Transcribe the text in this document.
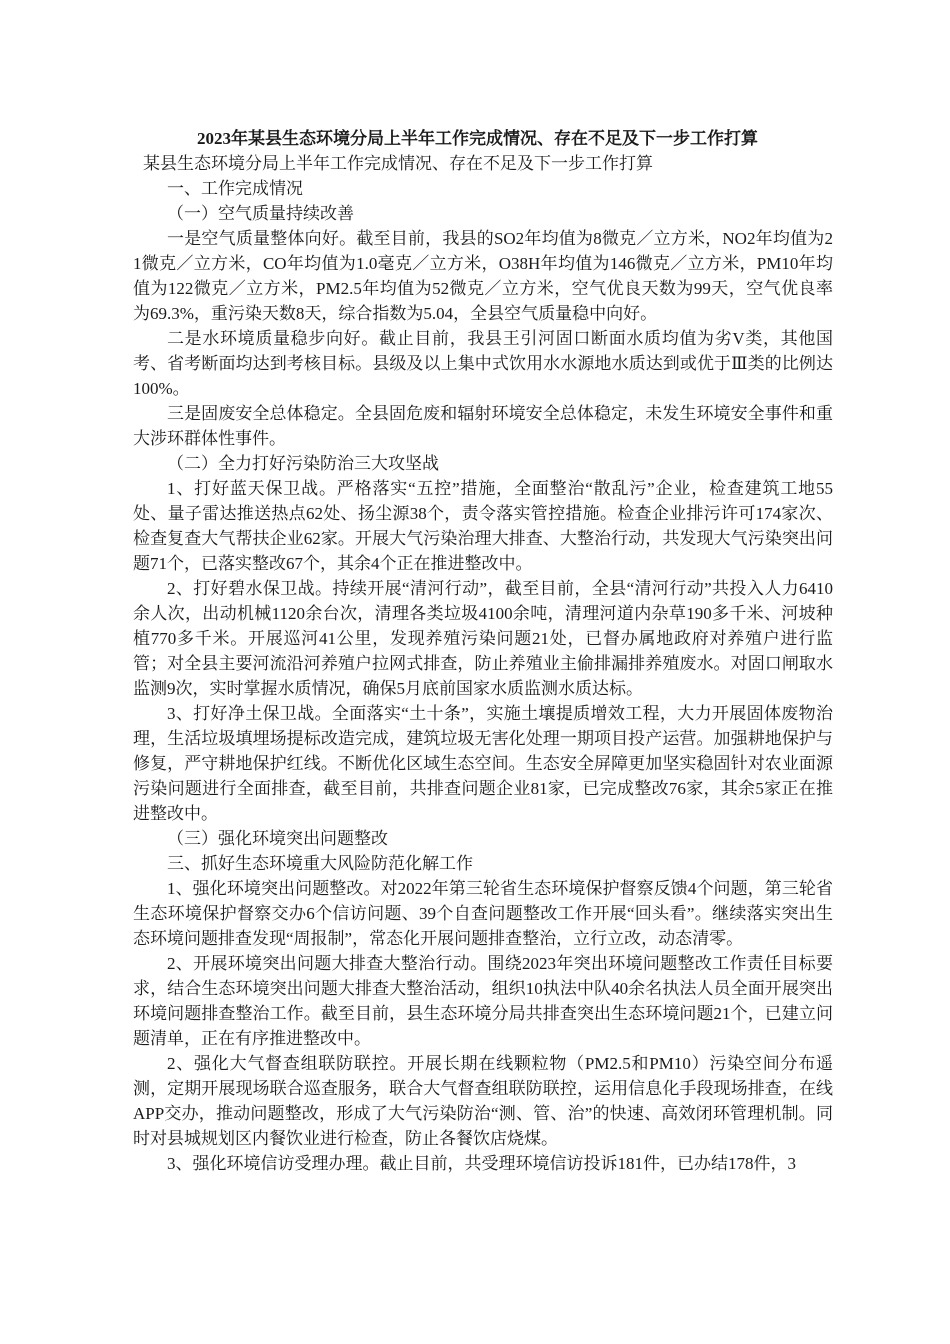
2023年某县生态环境分局上半年工作完成情况、存在不足及下一步工作打算

某县生态环境分局上半年工作完成情况、存在不足及下一步工作打算

一、工作完成情况

（一）空气质量持续改善

一是空气质量整体向好。截至目前，我县的SO2年均值为8微克／立方米，NO2年均值为21微克／立方米，CO年均值为1.0毫克／立方米，O38H年均值为146微克／立方米，PM10年均值为122微克／立方米，PM2.5年均值为52微克／立方米，空气优良天数为99天，空气优良率为69.3%，重污染天数8天，综合指数为5.04，全县空气质量稳中向好。

二是水环境质量稳步向好。截止目前，我县王引河固口断面水质均值为劣V类，其他国考、省考断面均达到考核目标。县级及以上集中式饮用水水源地水质达到或优于Ⅲ类的比例达100%。

三是固废安全总体稳定。全县固危废和辐射环境安全总体稳定，未发生环境安全事件和重大涉环群体性事件。

（二）全力打好污染防治三大攻坚战

1、打好蓝天保卫战。严格落实“五控”措施，全面整治“散乱污”企业，检查建筑工地55处、量子雷达推送热点62处、扬尘源38个，责令落实管控措施。检查企业排污许可174家次、检查复查大气帮扶企业62家。开展大气污染治理大排查、大整治行动，共发现大气污染突出问题71个，已落实整改67个，其余4个正在推进整改中。

2、打好碧水保卫战。持续开展“清河行动”，截至目前，全县“清河行动”共投入人力6410余人次，出动机械1120余台次，清理各类垃圾4100余吨，清理河道内杂草190多千米、河坡种植770多千米。开展巡河41公里，发现养殖污染问题21处，已督办属地政府对养殖户进行监管；对全县主要河流沿河养殖户拉网式排查，防止养殖业主偷排漏排养殖废水。对固口闸取水监测9次，实时掌握水质情况，确保5月底前国家水质监测水质达标。

3、打好净土保卫战。全面落实“土十条”，实施土壤提质增效工程，大力开展固体废物治理，生活垃圾填埋场提标改造完成，建筑垃圾无害化处理一期项目投产运营。加强耕地保护与修复，严守耕地保护红线。不断优化区域生态空间。生态安全屏障更加坚实稳固针对农业面源污染问题进行全面排查，截至目前，共排查问题企业81家，已完成整改76家，其余5家正在推进整改中。

（三）强化环境突出问题整改

三、抓好生态环境重大风险防范化解工作

1、强化环境突出问题整改。对2022年第三轮省生态环境保护督察反馈4个问题，第三轮省生态环境保护督察交办6个信访问题、39个自查问题整改工作开展“回头看”。继续落实突出生态环境问题排查发现“周报制”，常态化开展问题排查整治，立行立改，动态清零。

2、开展环境突出问题大排查大整治行动。围绕2023年突出环境问题整改工作责任目标要求，结合生态环境突出问题大排查大整治活动，组织10执法中队40余名执法人员全面开展突出环境问题排查整治工作。截至目前，县生态环境分局共排查突出生态环境问题21个，已建立问题清单，正在有序推进整改中。

2、强化大气督查组联防联控。开展长期在线颗粒物（PM2.5和PM10）污染空间分布遥测，定期开展现场联合巡查服务，联合大气督查组联防联控，运用信息化手段现场排查，在线APP交办，推动问题整改，形成了大气污染防治“测、管、治”的快速、高效闭环管理机制。同时对县城规划区内餐饮业进行检查，防止各餐饮店烧煤。

3、强化环境信访受理办理。截止目前，共受理环境信访投诉181件，已办结178件，3
